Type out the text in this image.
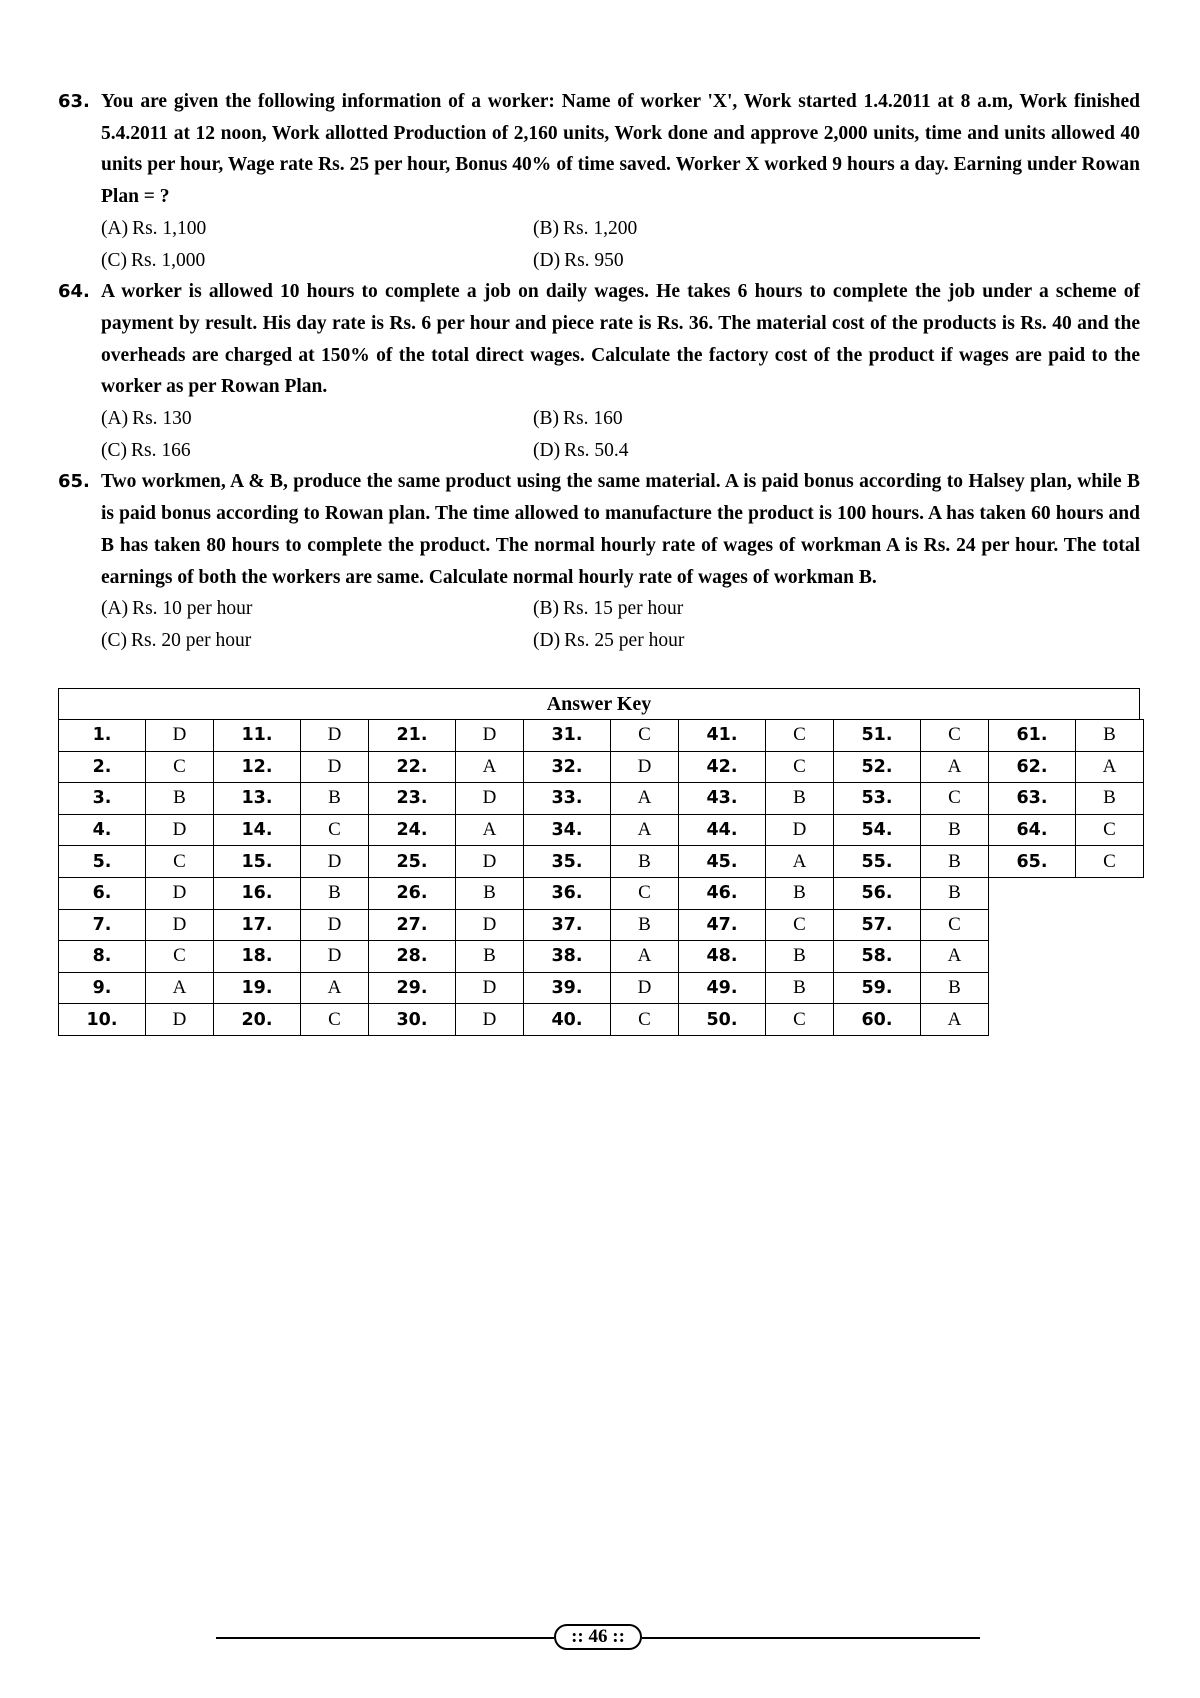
63. You are given the following information of a worker: Name of worker 'X', Work started 1.4.2011 at 8 a.m, Work finished 5.4.2011 at 12 noon, Work allotted Production of 2,160 units, Work done and approve 2,000 units, time and units allowed 40 units per hour, Wage rate Rs. 25 per hour, Bonus 40% of time saved. Worker X worked 9 hours a day. Earning under Rowan Plan = ?
(A) Rs. 1,100	(B) Rs. 1,200
(C) Rs. 1,000	(D) Rs. 950
64. A worker is allowed 10 hours to complete a job on daily wages. He takes 6 hours to complete the job under a scheme of payment by result. His day rate is Rs. 6 per hour and piece rate is Rs. 36. The material cost of the products is Rs. 40 and the overheads are charged at 150% of the total direct wages. Calculate the factory cost of the product if wages are paid to the worker as per Rowan Plan.
(A) Rs. 130	(B) Rs. 160
(C) Rs. 166	(D) Rs. 50.4
65. Two workmen, A & B, produce the same product using the same material. A is paid bonus according to Halsey plan, while B is paid bonus according to Rowan plan. The time allowed to manufacture the product is 100 hours. A has taken 60 hours and B has taken 80 hours to complete the product. The normal hourly rate of wages of workman A is Rs. 24 per hour. The total earnings of both the workers are same. Calculate normal hourly rate of wages of workman B.
(A) Rs. 10 per hour	(B) Rs. 15 per hour
(C) Rs. 20 per hour	(D) Rs. 25 per hour
Answer Key
1.	D	11.	D	21.	D	31.	C	41.	C	51.	C	61.	B
2.	C	12.	D	22.	A	32.	D	42.	C	52.	A	62.	A
3.	B	13.	B	23.	D	33.	A	43.	B	53.	C	63.	B
4.	D	14.	C	24.	A	34.	A	44.	D	54.	B	64.	C
5.	C	15.	D	25.	D	35.	B	45.	A	55.	B	65.	C
6.	D	16.	B	26.	B	36.	C	46.	B	56.	B		
7.	D	17.	D	27.	D	37.	B	47.	C	57.	C		
8.	C	18.	D	28.	B	38.	A	48.	B	58.	A		
9.	A	19.	A	29.	D	39.	D	49.	B	59.	B		
10.	D	20.	C	30.	D	40.	C	50.	C	60.	A		
:: 46 ::
